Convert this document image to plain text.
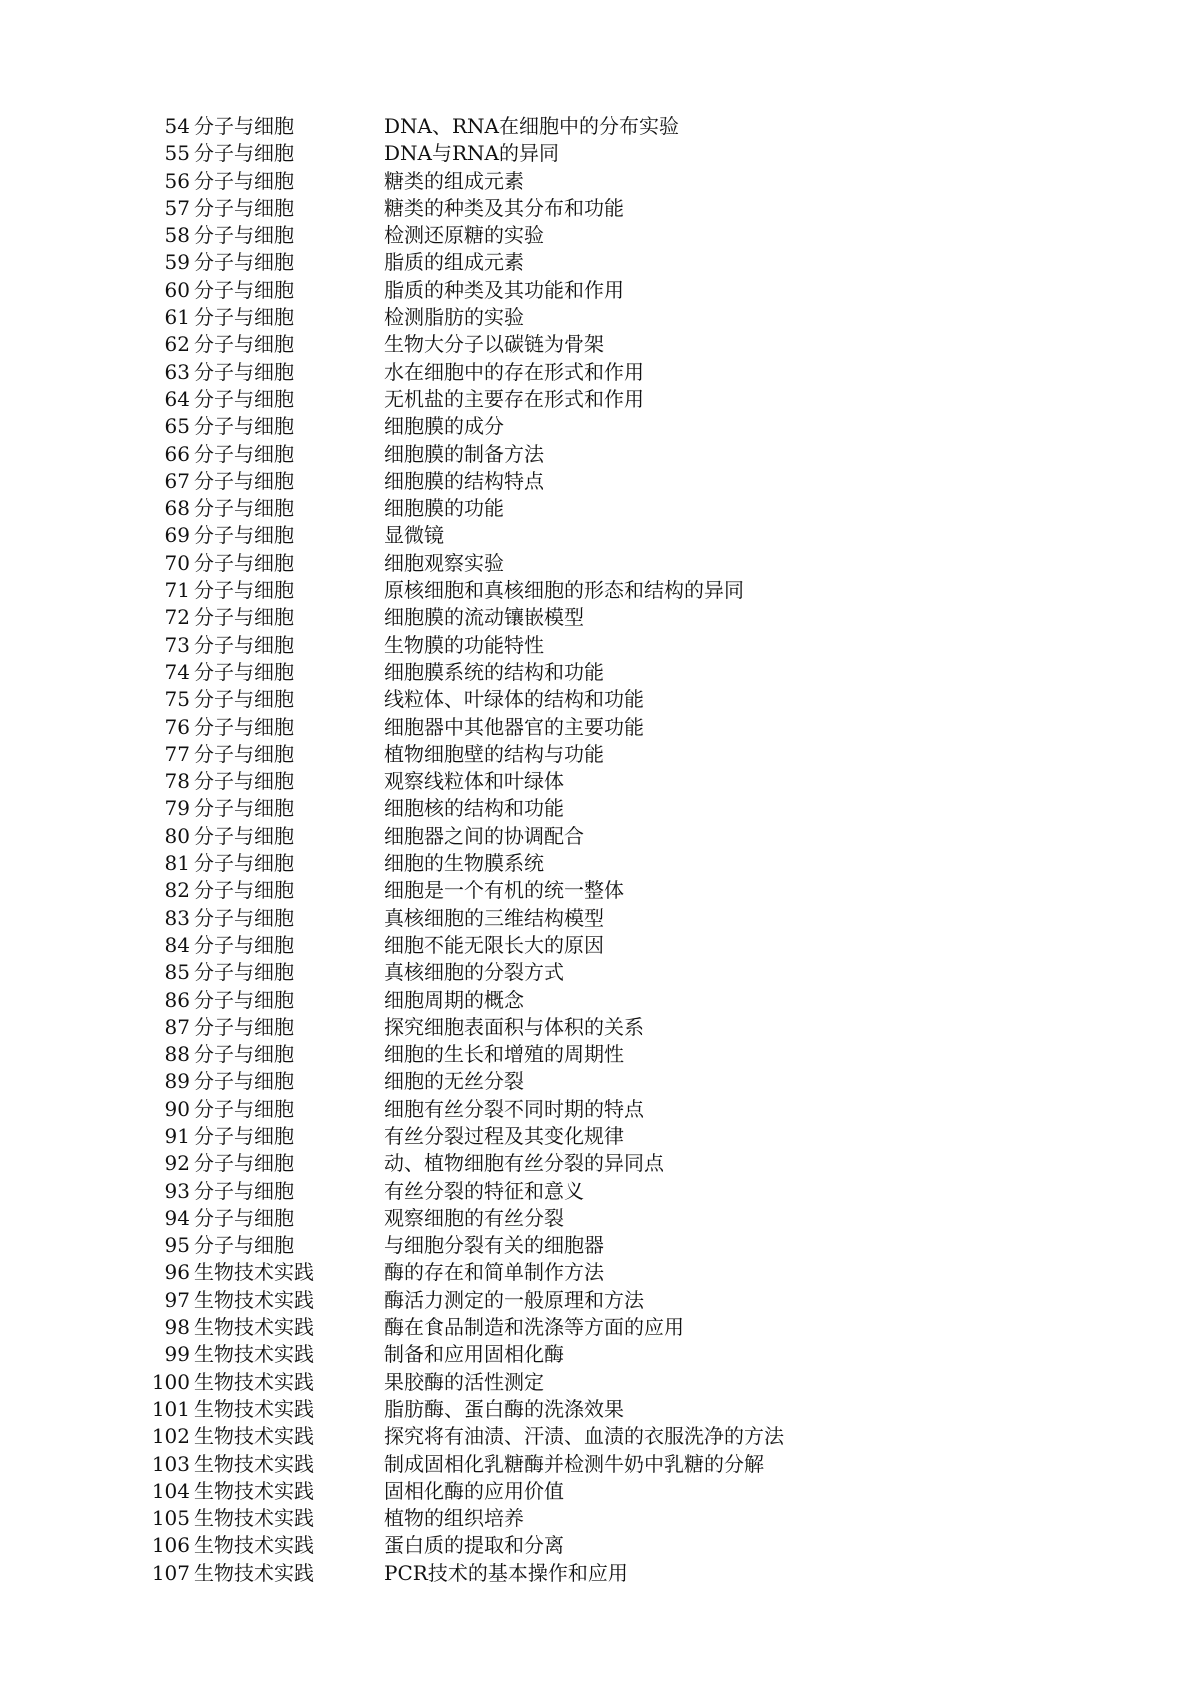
54 分子与细胞	DNA、RNA在细胞中的分布实验
55 分子与细胞	DNA与RNA的异同
56 分子与细胞	糖类的组成元素
57 分子与细胞	糖类的种类及其分布和功能
58 分子与细胞	检测还原糖的实验
59 分子与细胞	脂质的组成元素
60 分子与细胞	脂质的种类及其功能和作用
61 分子与细胞	检测脂肪的实验
62 分子与细胞	生物大分子以碳链为骨架
63 分子与细胞	水在细胞中的存在形式和作用
64 分子与细胞	无机盐的主要存在形式和作用
65 分子与细胞	细胞膜的成分
66 分子与细胞	细胞膜的制备方法
67 分子与细胞	细胞膜的结构特点
68 分子与细胞	细胞膜的功能
69 分子与细胞	显微镜
70 分子与细胞	细胞观察实验
71 分子与细胞	原核细胞和真核细胞的形态和结构的异同
72 分子与细胞	细胞膜的流动镶嵌模型
73 分子与细胞	生物膜的功能特性
74 分子与细胞	细胞膜系统的结构和功能
75 分子与细胞	线粒体、叶绿体的结构和功能
76 分子与细胞	细胞器中其他器官的主要功能
77 分子与细胞	植物细胞壁的结构与功能
78 分子与细胞	观察线粒体和叶绿体
79 分子与细胞	细胞核的结构和功能
80 分子与细胞	细胞器之间的协调配合
81 分子与细胞	细胞的生物膜系统
82 分子与细胞	细胞是一个有机的统一整体
83 分子与细胞	真核细胞的三维结构模型
84 分子与细胞	细胞不能无限长大的原因
85 分子与细胞	真核细胞的分裂方式
86 分子与细胞	细胞周期的概念
87 分子与细胞	探究细胞表面积与体积的关系
88 分子与细胞	细胞的生长和增殖的周期性
89 分子与细胞	细胞的无丝分裂
90 分子与细胞	细胞有丝分裂不同时期的特点
91 分子与细胞	有丝分裂过程及其变化规律
92 分子与细胞	动、植物细胞有丝分裂的异同点
93 分子与细胞	有丝分裂的特征和意义
94 分子与细胞	观察细胞的有丝分裂
95 分子与细胞	与细胞分裂有关的细胞器
96 生物技术实践	酶的存在和简单制作方法
97 生物技术实践	酶活力测定的一般原理和方法
98 生物技术实践	酶在食品制造和洗涤等方面的应用
99 生物技术实践	制备和应用固相化酶
100 生物技术实践	果胶酶的活性测定
101 生物技术实践	脂肪酶、蛋白酶的洗涤效果
102 生物技术实践	探究将有油渍、汗渍、血渍的衣服洗净的方法
103 生物技术实践	制成固相化乳糖酶并检测牛奶中乳糖的分解
104 生物技术实践	固相化酶的应用价值
105 生物技术实践	植物的组织培养
106 生物技术实践	蛋白质的提取和分离
107 生物技术实践	PCR技术的基本操作和应用
